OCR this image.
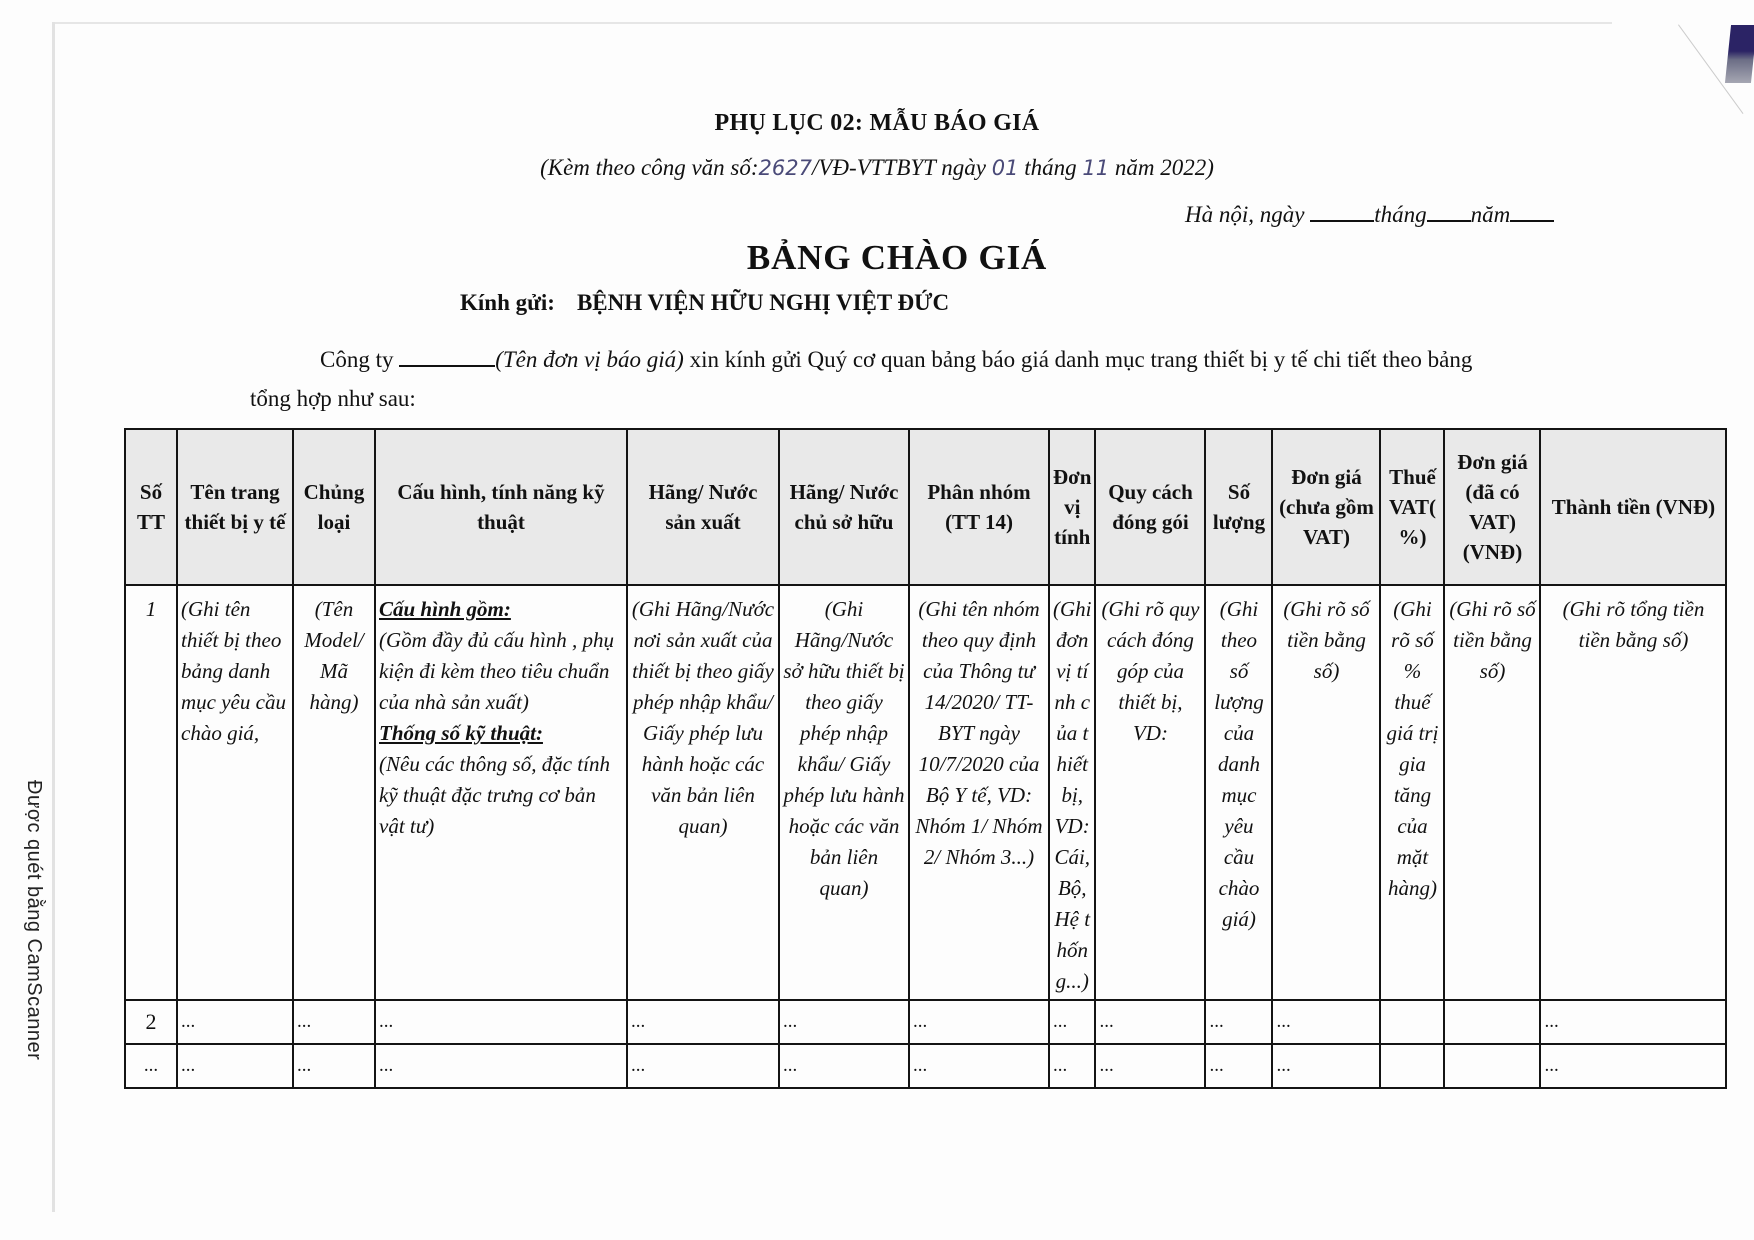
PHỤ LỤC 02: MẪU BÁO GIÁ
(Kèm theo công văn số:2627/VĐ-VTTBYT ngày 01 tháng 11 năm 2022)
Hà nội, ngày	tháng năm
BẢNG CHÀO GIÁ
Kính gửi: BỆNH VIỆN HỮU NGHỊ VIỆT ĐỨC
Công ty	(Tên đơn vị báo giá) xin kính gửi Quý cơ quan bảng báo giá danh mục trang thiết bị y tế chi tiết theo bảng
tổng hợp như sau:
Số TT	Tên trang thiết bị y tế	Chủng loại	Cấu hình, tính năng kỹ thuật	Hãng/ Nước sản xuất	Hãng/ Nước chủ sở hữu	Phân nhóm (TT 14)	Đơn vị tính	Quy cách đóng gói	Số lượng	Đơn giá (chưa gồm VAT)	Thuế VAT( %)	Đơn giá (đã có VAT) (VNĐ)	Thành tiền (VNĐ)
1	(Ghi tên thiết bị theo bảng danh mục yêu cầu chào giá,	(Tên Model/ Mã hàng)	Cấu hình gồm:
(Gồm đầy đủ cấu hình , phụ kiện đi kèm theo tiêu chuẩn của nhà sản xuất)
Thống số kỹ thuật:
(Nêu các thông số, đặc tính kỹ thuật đặc trưng cơ bản vật tư)	(Ghi Hãng/Nước nơi sản xuất của thiết bị theo giấy phép nhập khẩu/ Giấy phép lưu hành hoặc các văn bản liên quan)	(Ghi Hãng/Nước sở hữu thiết bị theo giấy phép nhập khẩu/ Giấy phép lưu hành hoặc các văn bản liên quan)	(Ghi tên nhóm theo quy định của Thông tư 14/2020/ TT-BYT ngày 10/7/2020 của Bộ Y tế, VD: Nhóm 1/ Nhóm 2/ Nhóm 3...)	(Ghi đơn vị tính của thiết bị, VD: Cái, Bộ, Hệ thống...)	(Ghi rõ quy cách đóng góp của thiết bị, VD:	(Ghi theo số lượng của danh mục yêu cầu chào giá)	(Ghi rõ số tiền bằng số)	(Ghi rõ số % thuế giá trị gia tăng của mặt hàng)	(Ghi rõ số tiền bằng số)	(Ghi rõ tổng tiền tiền bằng số)
2	...	...	...	...	...	...	...	...	...	...			...
...	...	...	...	...	...	...	...	...	...	...			...
Được quét bằng CamScanner
